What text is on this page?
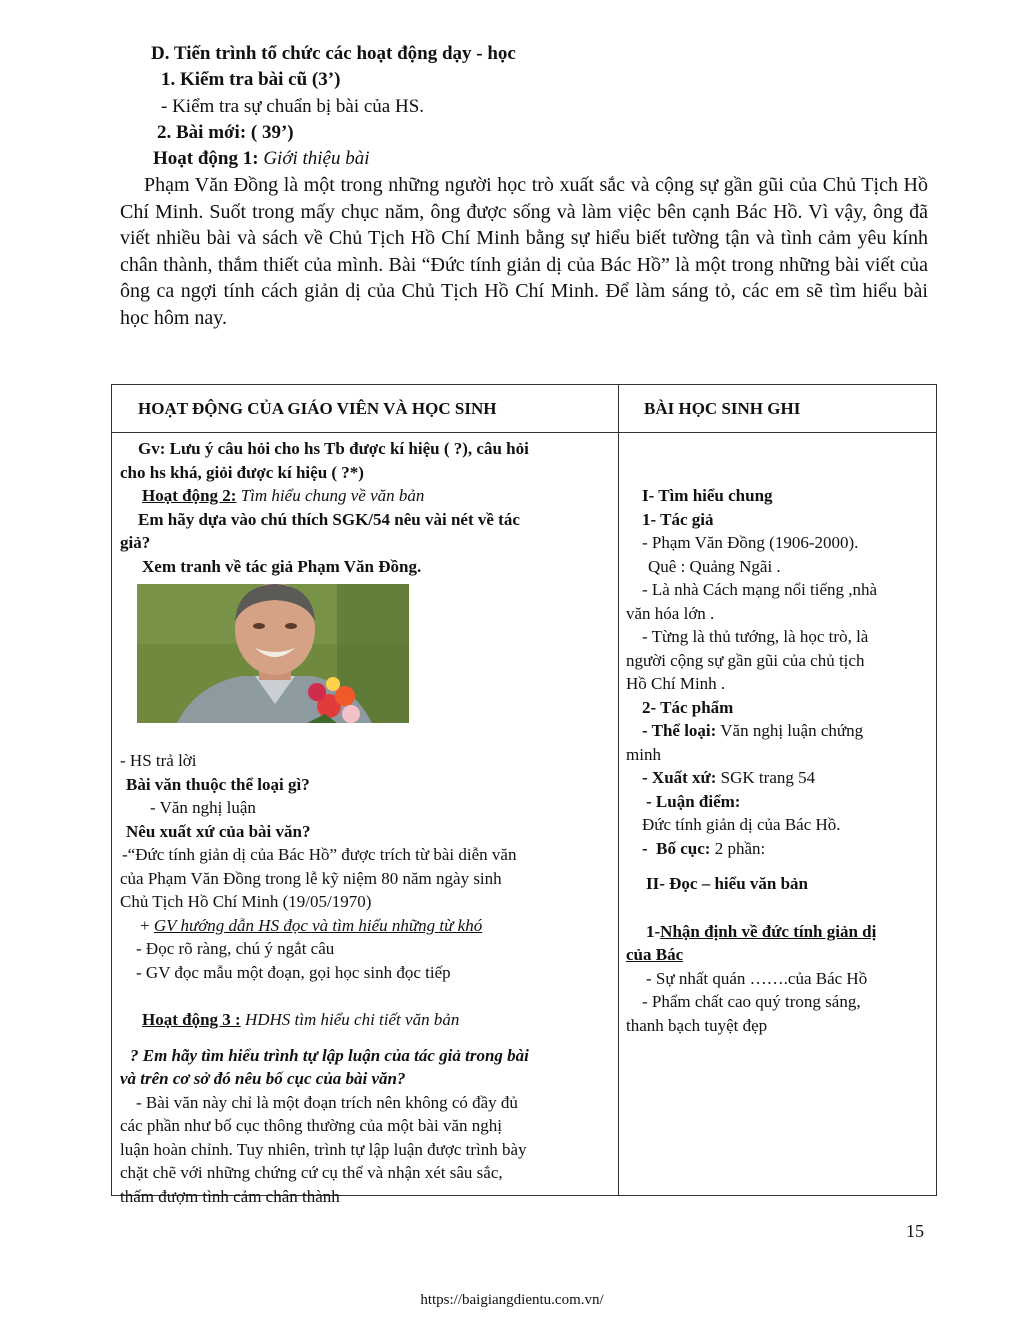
D. Tiến trình tổ chức các hoạt động dạy - học
1. Kiểm tra bài cũ (3’)
- Kiểm tra sự chuẩn bị bài của HS.
2. Bài mới: ( 39’)
Hoạt động 1: Giới thiệu bài
Phạm Văn Đồng là một trong những người học trò xuất sắc và cộng sự gần gũi của Chủ Tịch Hồ Chí Minh. Suốt trong mấy chục năm, ông được sống và làm việc bên cạnh Bác Hồ. Vì vậy, ông đã viết nhiều bài và sách về Chủ Tịch Hồ Chí Minh bằng sự hiểu biết tường tận và tình cảm yêu kính chân thành, thắm thiết của mình. Bài “Đức tính giản dị của Bác Hồ” là một trong những bài viết của ông ca ngợi tính cách giản dị của Chủ Tịch Hồ Chí Minh. Để làm sáng tỏ, các em sẽ tìm hiểu bài học hôm nay.
HOẠT ĐỘNG CỦA GIÁO VIÊN VÀ HỌC SINH	BÀI HỌC SINH GHI
Gv: Lưu ý câu hỏi cho hs Tb được kí hiệu ( ?), câu hỏi
cho hs khá, giỏi được kí hiệu ( ?*)
Hoạt động 2: Tìm hiểu chung về văn bản
Em hãy dựa vào chú thích SGK/54 nêu vài nét về tác
giả?
Xem tranh về tác giả Phạm Văn Đồng.
- HS trả lời
Bài văn thuộc thể loại gì?
- Văn nghị luận
Nêu xuất xứ của bài văn?
-“Đức tính giản dị của Bác Hồ” được trích từ bài diễn văn
của Phạm Văn Đồng trong lễ kỹ niệm 80 năm ngày sinh
Chủ Tịch Hồ Chí Minh (19/05/1970)
+ GV hướng dẫn HS đọc và tìm hiểu những từ khó
- Đọc rõ ràng, chú ý ngắt câu
- GV đọc mẫu một đoạn, gọi học sinh đọc tiếp
Hoạt động 3 : HDHS tìm hiểu chi tiết văn bản
? Em hãy tìm hiểu trình tự lập luận của tác giả trong bài
và trên cơ sở đó nêu bố cục của bài văn?
- Bài văn này chỉ là một đoạn trích nên không có đầy đủ
các phần như bố cục thông thường của một bài văn nghị
luận hoàn chỉnh. Tuy nhiên, trình tự lập luận được trình bày
chặt chẽ với những chứng cứ cụ thể và nhận xét sâu sắc,
thấm đượm tình cảm chân thành
I- Tìm hiểu chung
1- Tác giả
- Phạm Văn Đồng (1906-2000).
Quê : Quảng Ngãi .
- Là nhà Cách mạng nổi tiếng ,nhà
văn hóa lớn .
- Từng là thủ tướng, là học trò, là
người cộng sự gần gũi của chủ tịch
Hồ Chí Minh .
2- Tác phẩm
- Thể loại: Văn nghị luận chứng
minh
- Xuất xứ: SGK trang 54
- Luận điểm:
Đức tính giản dị của Bác Hồ.
-  Bố cục: 2 phần:
II- Đọc – hiểu văn bản
1-Nhận định về đức tính giản dị
của Bác
- Sự nhất quán …….của Bác Hồ
- Phẩm chất cao quý trong sáng,
thanh bạch tuyệt đẹp
15
https://baigiangdientu.com.vn/
